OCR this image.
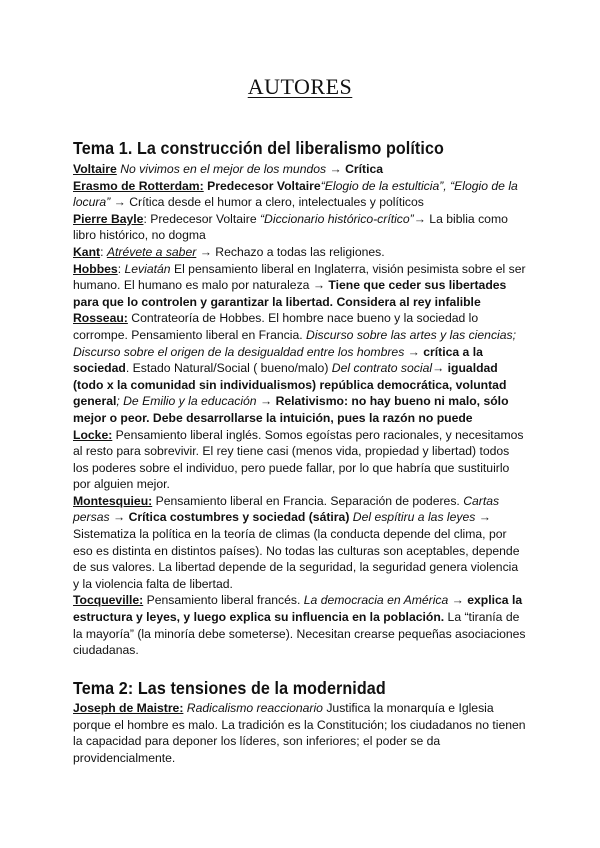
AUTORES
Tema 1. La construcción del liberalismo político

Voltaire No vivimos en el mejor de los mundos → Crítica

Erasmo de Rotterdam: Predecesor Voltaire“Elogio de la estulticia”, “Elogio de la locura” → Crítica desde el humor a clero, intelectuales y políticos

Pierre Bayle: Predecesor Voltaire “Diccionario histórico-crítico”→ La biblia como libro histórico, no dogma

Kant: Atrévete a saber → Rechazo a todas las religiones.

Hobbes: Leviatán El pensamiento liberal en Inglaterra, visión pesimista sobre el ser humano. El humano es malo por naturaleza → Tiene que ceder sus libertades para que lo controlen y garantizar la libertad. Considera al rey infalible

Rosseau: Contrateoría de Hobbes. El hombre nace bueno y la sociedad lo corrompe. Pensamiento liberal en Francia. Discurso sobre las artes y las ciencias; Discurso sobre el origen de la desigualdad entre los hombres → crítica a la sociedad. Estado Natural/Social ( bueno/malo) Del contrato social→ igualdad (todo x la comunidad sin individualismos) república democrática, voluntad general; De Emilio y la educación → Relativismo: no hay bueno ni malo, sólo mejor o peor. Debe desarrollarse la intuición, pues la razón no puede

Locke: Pensamiento liberal inglés. Somos egoístas pero racionales, y necesitamos al resto para sobrevivir. El rey tiene casi (menos vida, propiedad y libertad) todos los poderes sobre el individuo, pero puede fallar, por lo que habría que sustituirlo por alguien mejor.

Montesquieu: Pensamiento liberal en Francia. Separación de poderes. Cartas persas → Crítica costumbres y sociedad (sátira) Del espítiru a las leyes → Sistematiza la política en la teoría de climas (la conducta depende del clima, por eso es distinta en distintos países). No todas las culturas son aceptables, depende de sus valores. La libertad depende de la seguridad, la seguridad genera violencia y la violencia falta de libertad.

Tocqueville: Pensamiento liberal francés. La democracia en América → explica la estructura y leyes, y luego explica su influencia en la población. La “tiranía de la mayoría” (la minoría debe someterse). Necesitan crearse pequeñas asociaciones ciudadanas.

Tema 2: Las tensiones de la modernidad

Joseph de Maistre: Radicalismo reaccionario Justifica la monarquía e Iglesia porque el hombre es malo. La tradición es la Constitución; los ciudadanos no tienen la capacidad para deponer los líderes, son inferiores; el poder se da providencialmente.
